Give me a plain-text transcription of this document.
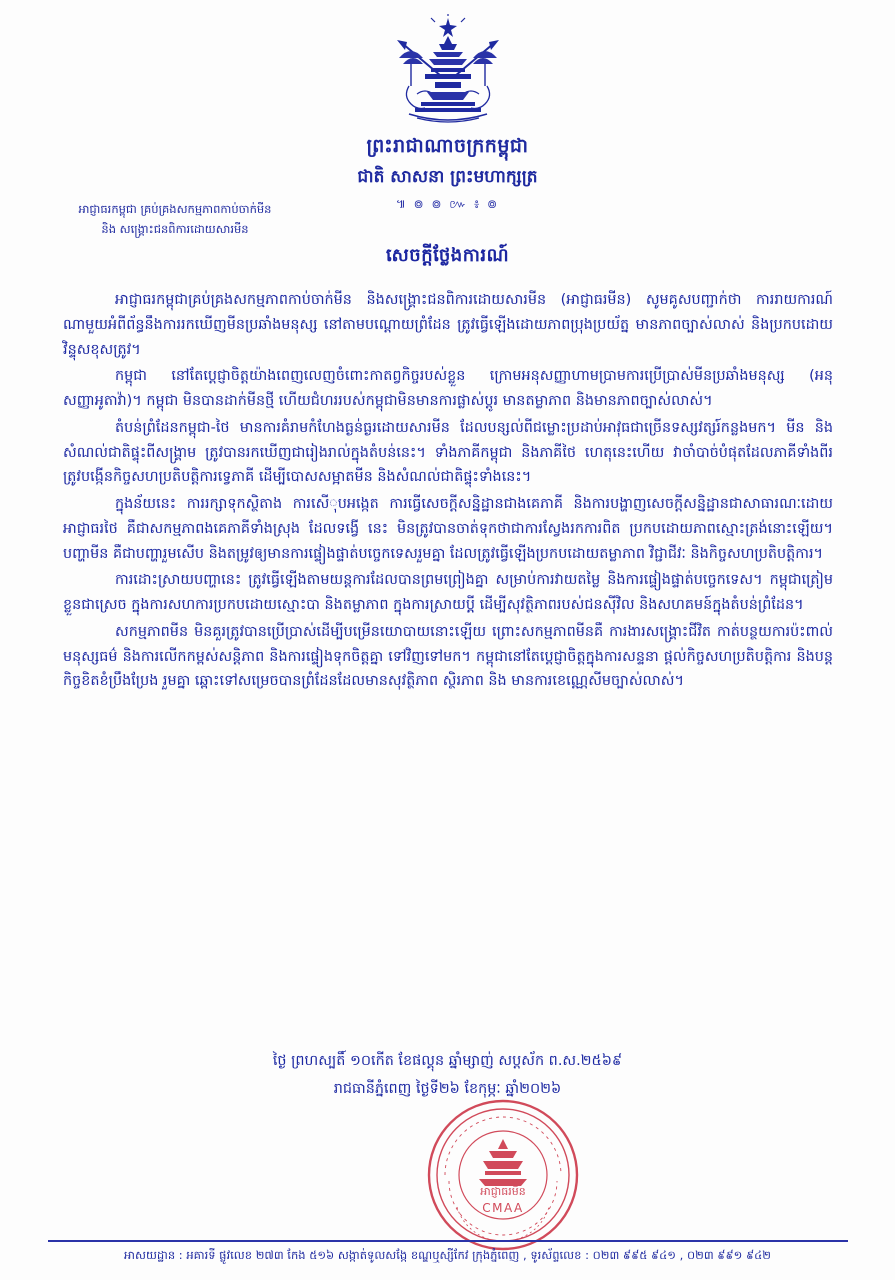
ព្រះរាជាណាចក្រកម្ពុជា
ជាតិ សាសនា ព្រះមហាក្សត្រ
៕ ៙ ៙ ៚ ៖ ៙
អាជ្ញាធរកម្ពុជា គ្រប់គ្រងសកម្មភាពកាប់ចាក់មីន
និង សង្គ្រោះជនពិការដោយសារមីន
សេចក្តីថ្លែងការណ៍

អាជ្ញាធរកម្ពុជាគ្រប់គ្រងសកម្មភាពកាប់ចាក់មីន និងសង្គ្រោះជនពិការដោយសារមីន (អាជ្ញាធរមីន) សូមគូសបញ្ជាក់ថា ការរាយការណ៍ណាមួយអំពីព័ន្ធនឹងការរកឃើញមីនប្រឆាំងមនុស្ស នៅតាមបណ្ដោយព្រំដែន ត្រូវធ្វើឡើងដោយភាពប្រុងប្រយ័ត្ន មានភាពច្បាស់លាស់ និងប្រកបដោយវិន្ទុសខុសត្រូវ។

កម្ពុជា នៅតែប្ដេជ្ញាចិត្តយ៉ាងពេញលេញចំពោះកាតព្វកិច្ចរបស់ខ្លួន ក្រោមអនុសញ្ញាហាមប្រាមការប្រើប្រាស់មីនប្រឆាំងមនុស្ស (អនុសញ្ញាអូតាវ៉ា)។ កម្ពុជា មិនបានដាក់មីនថ្មី ហើយជំហររបស់កម្ពុជាមិនមានការផ្លាស់ប្ដូរ មានតម្លាភាព និងមានភាពច្បាស់លាស់។

តំបន់ព្រំដែនកម្ពុជា-ថៃ មានការគំរាមកំហែងធ្ងន់ធ្ងរដោយសារមីន ដែលបន្សល់ពីជម្លោះប្រដាប់អាវុធជាច្រើនទស្សវត្សរ៍កន្លងមក។ មីន និងសំណល់ជាតិផ្ទុះពីសង្គ្រាម ត្រូវបានរកឃើញជារៀងរាល់ក្នុងតំបន់នេះ។ ទាំងភាគីកម្ពុជា និងភាគីថៃ ហេតុនេះហើយ វាចាំបាច់បំផុតដែលភាគីទាំងពីរ ត្រូវបង្កើនកិច្ចសហប្រតិបត្តិការទេ្វភាគី ដើម្បីបោសសម្អាតមីន និងសំណល់ជាតិផ្ទុះទាំងនេះ។

ក្នុងន័យនេះ ការរក្សាទុកស្ថិតាង ការសើុបអង្កេត ការធ្វើសេចក្តីសន្និដ្ឋានជាងគេភាគី និងការបង្ហាញសេចក្ដីសន្និដ្ឋានជាសាធារណៈដោយអាជ្ញាធរថៃ គឺជាសកម្មភាពងគេភាគីទាំងស្រុង ដែលទង្វើ នេះ មិនត្រូវបានចាត់ទុកថាជាការស្វែងរកការពិត ប្រកបដោយភាពស្មោះត្រង់នោះឡើយ។ បញ្ហាមីន គឺជាបញ្ហារួមសេីប និងតម្រូវឲ្យមានការផ្ទៀងផ្ទាត់បច្ចេកទេសរួមគ្នា ដែលត្រូវធ្វើឡើងប្រកបដោយតម្លាភាព វិជ្ជាជីវៈ និងកិច្ចសហប្រតិបត្តិការ។

ការដោះស្រាយបញ្ហានេះ ត្រូវធ្វើឡើងតាមយន្តការដែលបានព្រមព្រៀងគ្នា សម្រាប់ការវាយតម្លៃ និងការផ្ទៀងផ្ទាត់បច្ចេកទេស។ កម្ពុជាត្រៀមខ្លួនជាស្រេច ក្នុងការសហការប្រកបដោយស្មោះបា និងតម្លាភាព ក្នុងការស្រាយប្ក្តី ដើម្បីសុវត្ថិភាពរបស់ជនស៊ីវិល និងសហគមន៍ក្នុងតំបន់ព្រំដែន។

សកម្មភាពមីន មិនគួរត្រូវបានប្រើប្រាស់ដើម្បីបម្រើនយោបាយនោះឡើយ ព្រោះសកម្មភាពមីនគឺ ការងារសង្គ្រោះជីវិត កាត់បន្ថយការប៉ះពាល់មនុស្សធម៌ និងការលើកកម្ពស់សន្តិភាព និងការផ្ទៀងទុកចិត្តគ្នា ទៅវិញទៅមក។ កម្ពុជានៅតែប្ដេជ្ញាចិត្តក្នុងការសន្ទនា ផ្ដល់កិច្ចសហប្រតិបត្តិការ និងបន្តកិច្ចខិតខំប្រឹងប្រែង រួមគ្នា ឆ្ពោះទៅសម្រេចបានព្រំដែនដែលមានសុវត្ថិភាព ស្ថិរភាព និង មានការខេណ្ណេសីមច្បាស់លាស់។

ថ្ងៃ ព្រហស្បតិ៍ ១០កើត ខែផល្គុន ឆ្នាំម្សាញ់ សប្តស័ក ព.ស.២៥៦៩
រាជធានីភ្នំពេញ ថ្ងៃទី២៦ ខែកុម្ភៈ ឆ្នាំ២០២៦
អាជ្ញាធរមីន
CMAA
អាសយដ្ឋាន : អគារទី ផ្លូវលេខ ២៧៣ កែង ៥១៦ សង្កាត់ទូលសង្កែ ខណ្ឌឬស្សីកែវ ក្រុងភ្នំពេញ , ទូរស័ព្ទលេខ : ០២៣ ៩៩៥ ៩៤១ , ០២៣ ៩៩១ ៩៤២
